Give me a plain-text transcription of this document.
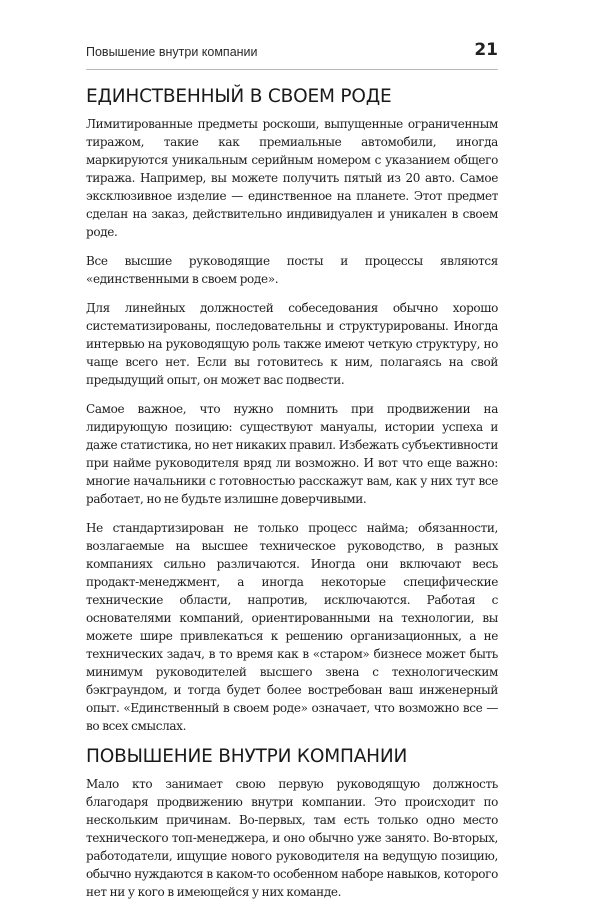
Повышение внутри компании	21
ЕДИНСТВЕННЫЙ В СВОЕМ РОДЕ

Лимитированные предметы роскоши, выпущенные ограниченным тиражом, такие как премиальные автомобили, иногда маркируются уникальным серийным номером с указанием общего тиража. Например, вы можете получить пятый из 20 авто. Самое эксклюзивное изделие — единственное на планете. Этот предмет сделан на заказ, действительно индивидуален и уникален в своем роде.

Все высшие руководящие посты и процессы являются «единственными в своем роде».

Для линейных должностей собеседования обычно хорошо систематизированы, последовательны и структурированы. Иногда интервью на руководящую роль также имеют четкую структуру, но чаще всего нет. Если вы готовитесь к ним, полагаясь на свой предыдущий опыт, он может вас подвести.

Самое важное, что нужно помнить при продвижении на лидирующую позицию: существуют мануалы, истории успеха и даже статистика, но нет никаких правил. Избежать субъективности при найме руководителя вряд ли возможно. И вот что еще важно: многие начальники с готовностью расскажут вам, как у них тут все работает, но не будьте излишне доверчивыми.

Не стандартизирован не только процесс найма; обязанности, возлагаемые на высшее техническое руководство, в разных компаниях сильно различаются. Иногда они включают весь продакт-менеджмент, а иногда некоторые специфические технические области, напротив, исключаются. Работая с основателями компаний, ориентированными на технологии, вы можете шире привлекаться к решению организационных, а не технических задач, в то время как в «старом» бизнесе может быть минимум руководителей высшего звена с технологическим бэкграундом, и тогда будет более востребован ваш инженерный опыт. «Единственный в своем роде» означает, что возможно все — во всех смыслах.

ПОВЫШЕНИЕ ВНУТРИ КОМПАНИИ

Мало кто занимает свою первую руководящую должность благодаря продвижению внутри компании. Это происходит по нескольким причинам. Во-первых, там есть только одно место технического топ-менеджера, и оно обычно уже занято. Во-вторых, работодатели, ищущие нового руководителя на ведущую позицию, обычно нуждаются в каком-то особенном наборе навыков, которого нет ни у кого в имеющейся у них команде.
